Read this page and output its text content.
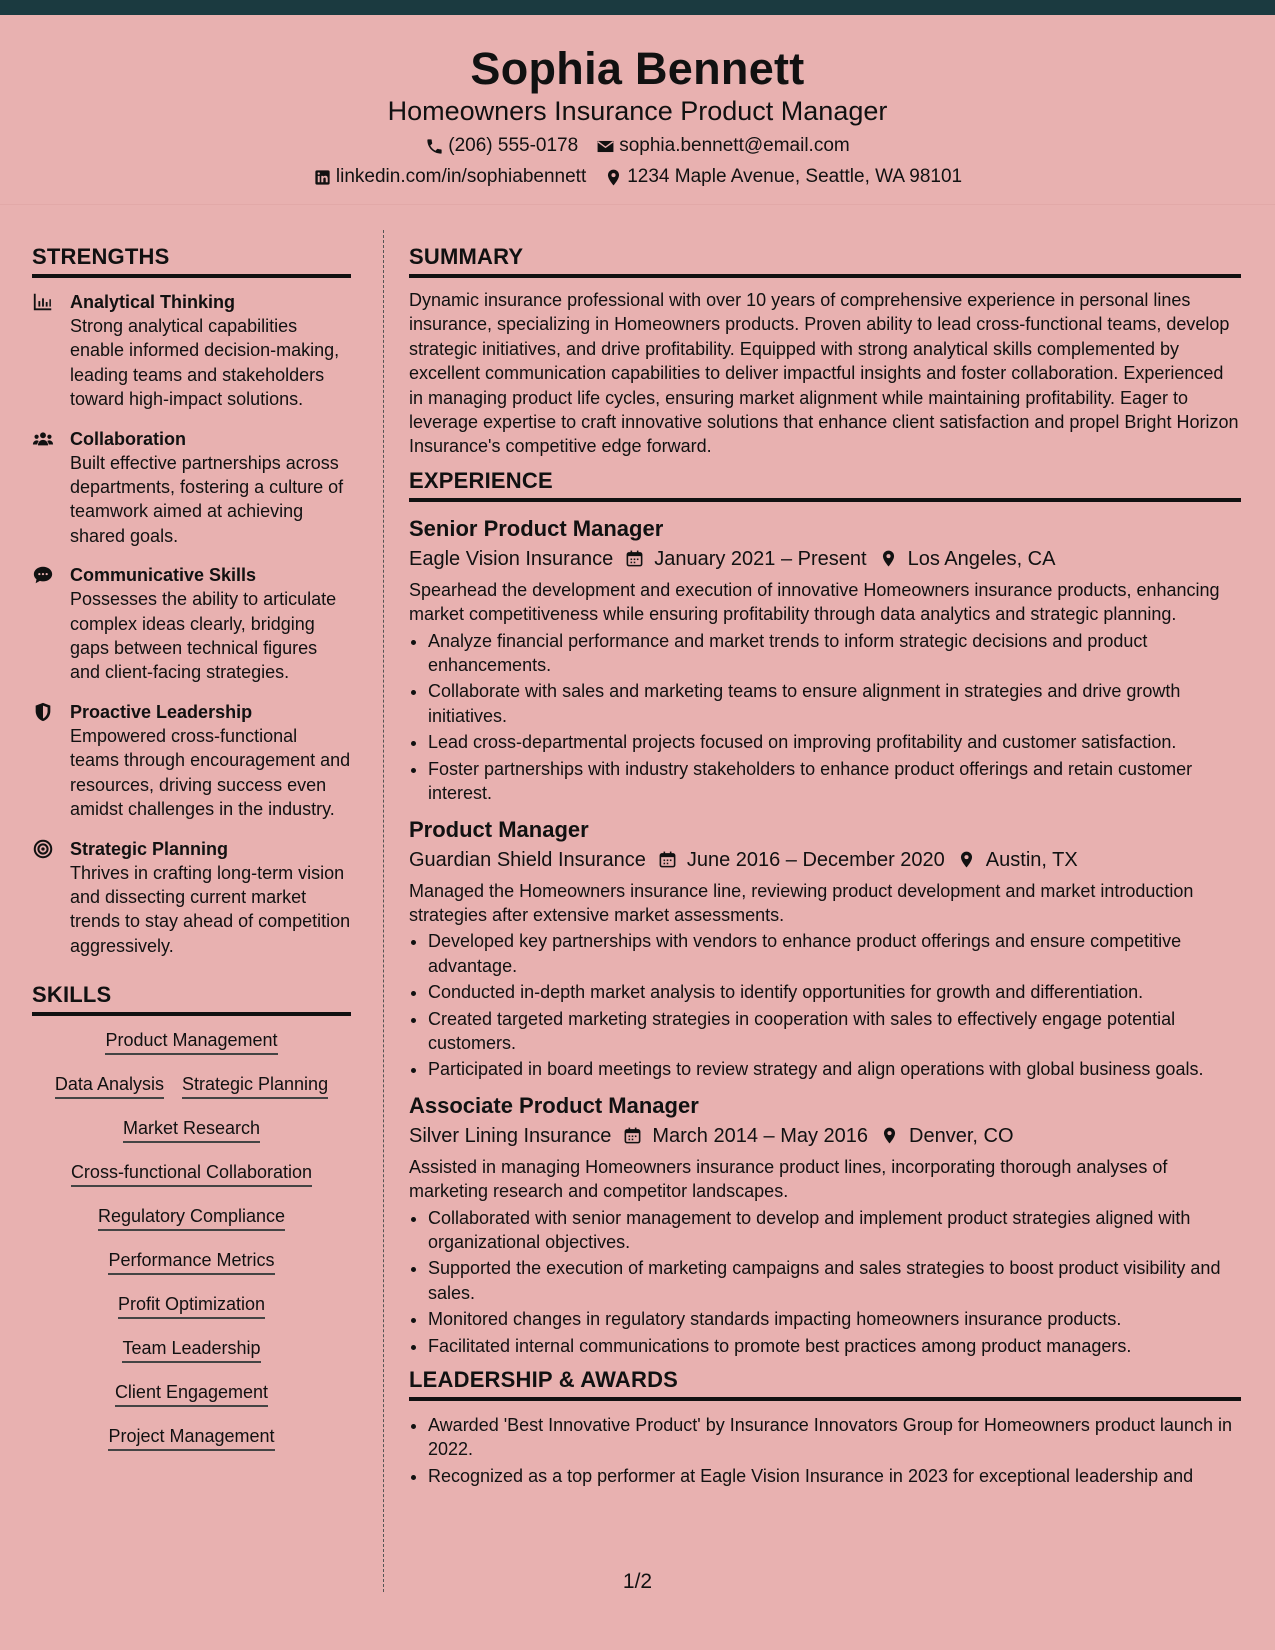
Sophia Bennett
Homeowners Insurance Product Manager
(206) 555-0178 sophia.bennett@email.com
linkedin.com/in/sophiabennett 1234 Maple Avenue, Seattle, WA 98101
STRENGTHS
Analytical Thinking
Strong analytical capabilities enable informed decision-making, leading teams and stakeholders toward high-impact solutions.
Collaboration
Built effective partnerships across departments, fostering a culture of teamwork aimed at achieving shared goals.
Communicative Skills
Possesses the ability to articulate complex ideas clearly, bridging gaps between technical figures and client-facing strategies.
Proactive Leadership
Empowered cross-functional teams through encouragement and resources, driving success even amidst challenges in the industry.
Strategic Planning
Thrives in crafting long-term vision and dissecting current market trends to stay ahead of competition aggressively.
SKILLS
Product Management
Data Analysis Strategic Planning
Market Research
Cross-functional Collaboration
Regulatory Compliance
Performance Metrics
Profit Optimization
Team Leadership
Client Engagement
Project Management
SUMMARY
Dynamic insurance professional with over 10 years of comprehensive experience in personal lines insurance, specializing in Homeowners products. Proven ability to lead cross-functional teams, develop strategic initiatives, and drive profitability. Equipped with strong analytical skills complemented by excellent communication capabilities to deliver impactful insights and foster collaboration. Experienced in managing product life cycles, ensuring market alignment while maintaining profitability. Eager to leverage expertise to craft innovative solutions that enhance client satisfaction and propel Bright Horizon Insurance's competitive edge forward.
EXPERIENCE
Senior Product Manager
Eagle Vision Insurance January 2021 – Present Los Angeles, CA
Spearhead the development and execution of innovative Homeowners insurance products, enhancing market competitiveness while ensuring profitability through data analytics and strategic planning.
• Analyze financial performance and market trends to inform strategic decisions and product enhancements.
• Collaborate with sales and marketing teams to ensure alignment in strategies and drive growth initiatives.
• Lead cross-departmental projects focused on improving profitability and customer satisfaction.
• Foster partnerships with industry stakeholders to enhance product offerings and retain customer interest.
Product Manager
Guardian Shield Insurance June 2016 – December 2020 Austin, TX
Managed the Homeowners insurance line, reviewing product development and market introduction strategies after extensive market assessments.
• Developed key partnerships with vendors to enhance product offerings and ensure competitive advantage.
• Conducted in-depth market analysis to identify opportunities for growth and differentiation.
• Created targeted marketing strategies in cooperation with sales to effectively engage potential customers.
• Participated in board meetings to review strategy and align operations with global business goals.
Associate Product Manager
Silver Lining Insurance March 2014 – May 2016 Denver, CO
Assisted in managing Homeowners insurance product lines, incorporating thorough analyses of marketing research and competitor landscapes.
• Collaborated with senior management to develop and implement product strategies aligned with organizational objectives.
• Supported the execution of marketing campaigns and sales strategies to boost product visibility and sales.
• Monitored changes in regulatory standards impacting homeowners insurance products.
• Facilitated internal communications to promote best practices among product managers.
LEADERSHIP & AWARDS
• Awarded 'Best Innovative Product' by Insurance Innovators Group for Homeowners product launch in 2022.
• Recognized as a top performer at Eagle Vision Insurance in 2023 for exceptional leadership and
1/2
